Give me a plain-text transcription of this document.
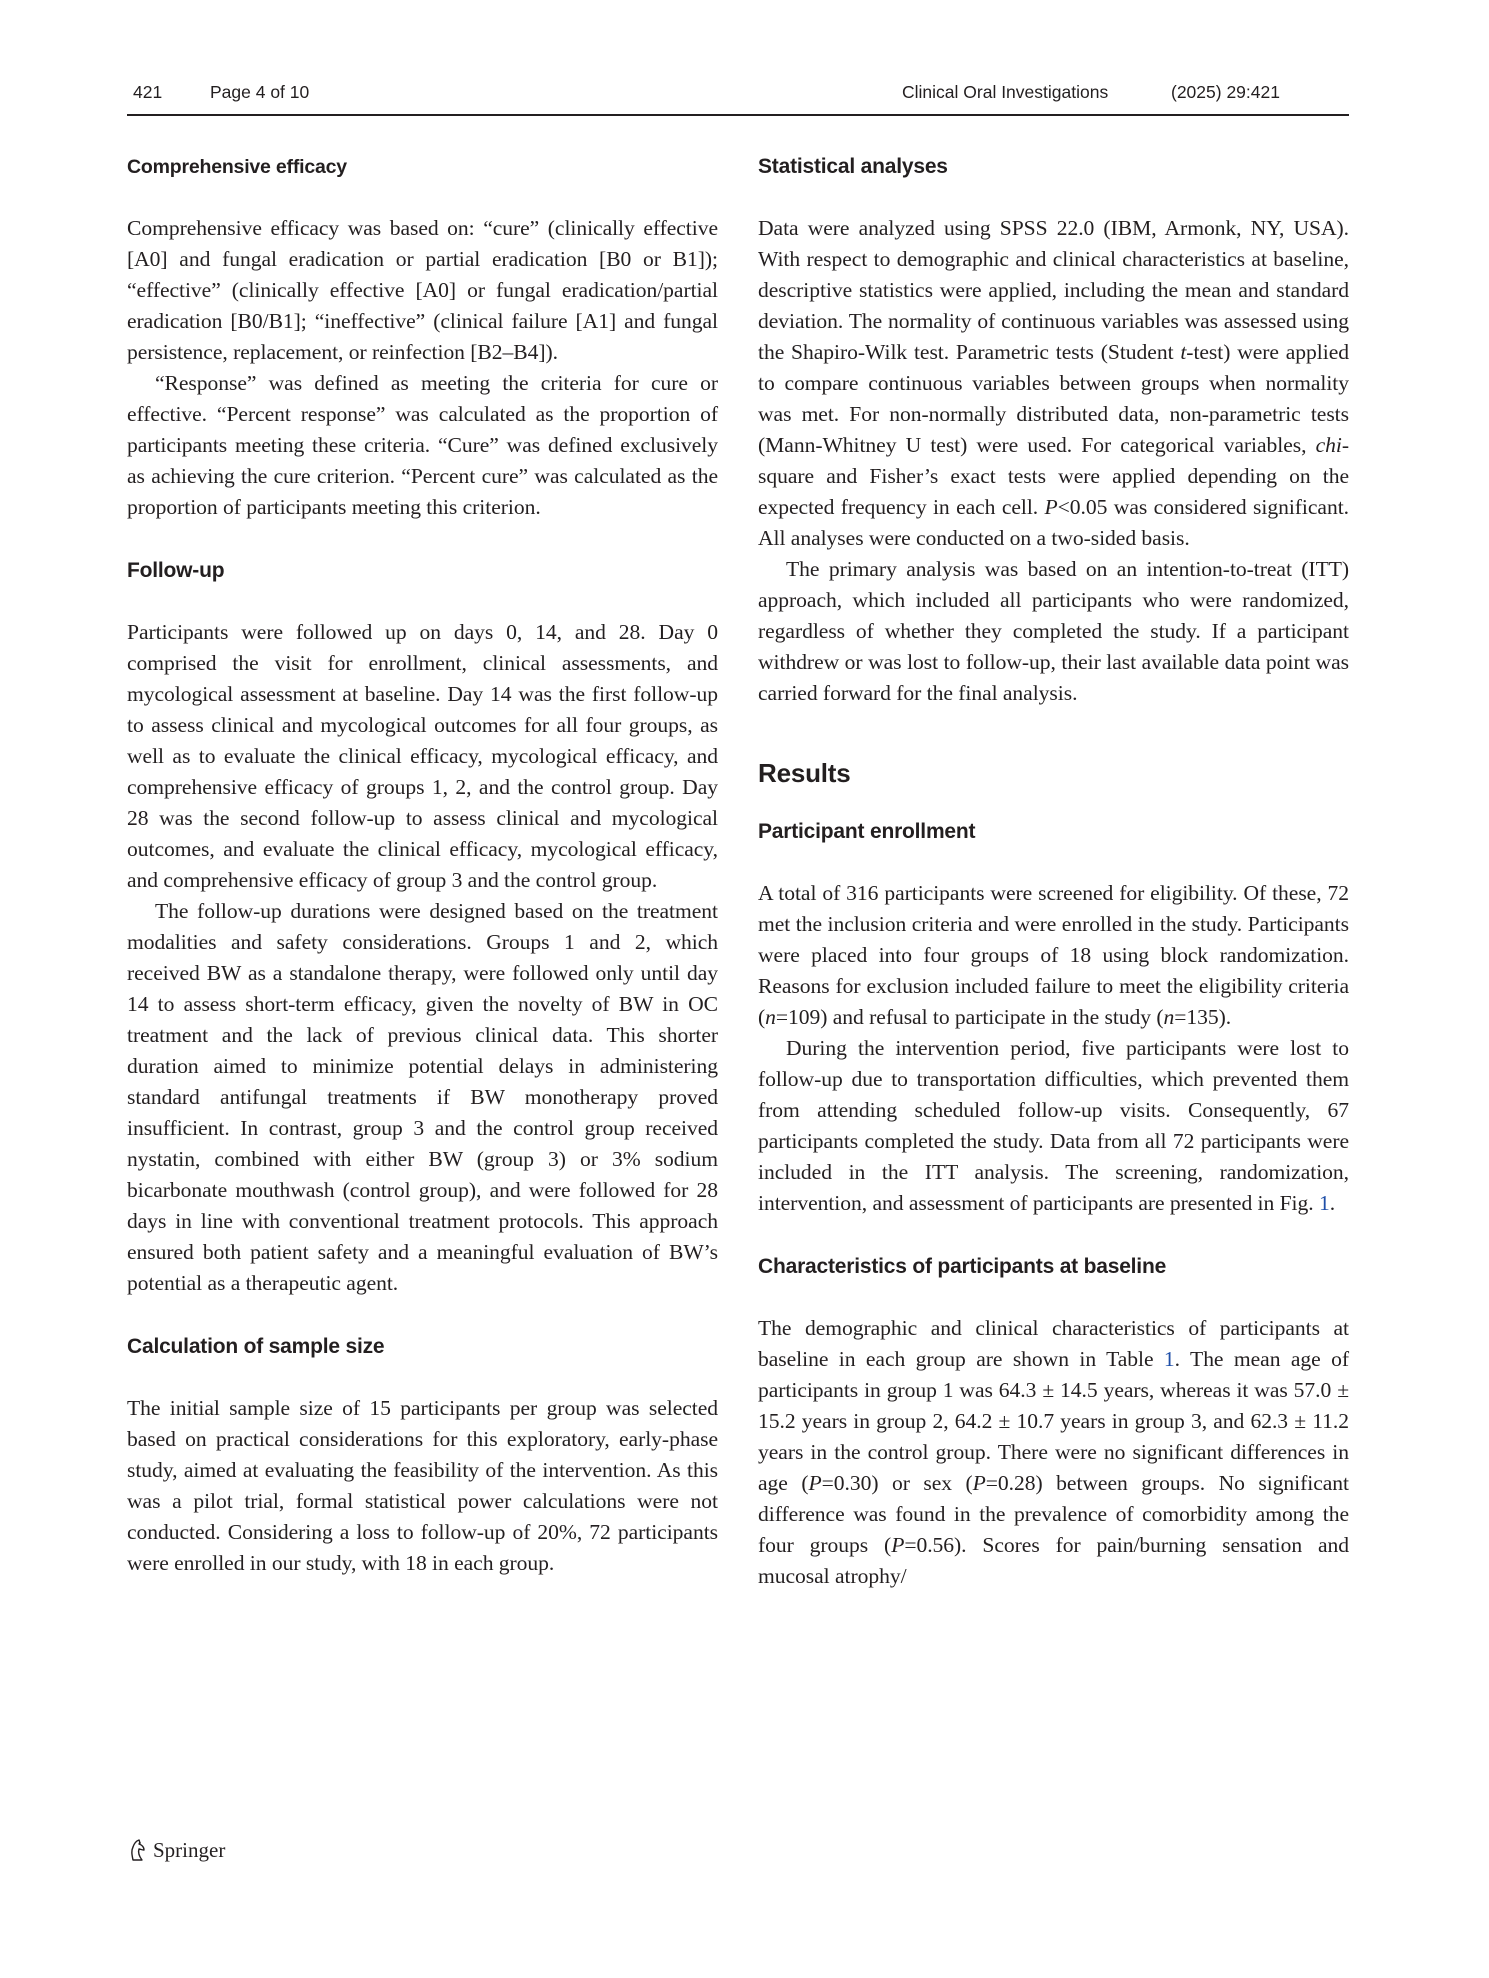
421	Page 4 of 10	Clinical Oral Investigations	(2025) 29:421
Comprehensive efficacy

Comprehensive efficacy was based on: “cure” (clinically effective [A0] and fungal eradication or partial eradication [B0 or B1]); “effective” (clinically effective [A0] or fungal eradication/partial eradication [B0/B1]; “ineffective” (clinical failure [A1] and fungal persistence, replacement, or reinfection [B2–B4]).

“Response” was defined as meeting the criteria for cure or effective. “Percent response” was calculated as the proportion of participants meeting these criteria. “Cure” was defined exclusively as achieving the cure criterion. “Percent cure” was calculated as the proportion of participants meeting this criterion.

Follow-up

Participants were followed up on days 0, 14, and 28. Day 0 comprised the visit for enrollment, clinical assessments, and mycological assessment at baseline. Day 14 was the first follow-up to assess clinical and mycological outcomes for all four groups, as well as to evaluate the clinical efficacy, mycological efficacy, and comprehensive efficacy of groups 1, 2, and the control group. Day 28 was the second follow-up to assess clinical and mycological outcomes, and evaluate the clinical efficacy, mycological efficacy, and comprehensive efficacy of group 3 and the control group.

The follow-up durations were designed based on the treatment modalities and safety considerations. Groups 1 and 2, which received BW as a standalone therapy, were followed only until day 14 to assess short-term efficacy, given the novelty of BW in OC treatment and the lack of previous clinical data. This shorter duration aimed to minimize potential delays in administering standard antifungal treatments if BW monotherapy proved insufficient. In contrast, group 3 and the control group received nystatin, combined with either BW (group 3) or 3% sodium bicarbonate mouthwash (control group), and were followed for 28 days in line with conventional treatment protocols. This approach ensured both patient safety and a meaningful evaluation of BW’s potential as a therapeutic agent.

Calculation of sample size

The initial sample size of 15 participants per group was selected based on practical considerations for this exploratory, early-phase study, aimed at evaluating the feasibility of the intervention. As this was a pilot trial, formal statistical power calculations were not conducted. Considering a loss to follow-up of 20%, 72 participants were enrolled in our study, with 18 in each group.

Statistical analyses

Data were analyzed using SPSS 22.0 (IBM, Armonk, NY, USA). With respect to demographic and clinical characteristics at baseline, descriptive statistics were applied, including the mean and standard deviation. The normality of continuous variables was assessed using the Shapiro-Wilk test. Parametric tests (Student t-test) were applied to compare continuous variables between groups when normality was met. For non-normally distributed data, non-parametric tests (Mann-Whitney U test) were used. For categorical variables, chi-square and Fisher’s exact tests were applied depending on the expected frequency in each cell. P<0.05 was considered significant. All analyses were conducted on a two-sided basis.

The primary analysis was based on an intention-to-treat (ITT) approach, which included all participants who were randomized, regardless of whether they completed the study. If a participant withdrew or was lost to follow-up, their last available data point was carried forward for the final analysis.

Results
Participant enrollment

A total of 316 participants were screened for eligibility. Of these, 72 met the inclusion criteria and were enrolled in the study. Participants were placed into four groups of 18 using block randomization. Reasons for exclusion included failure to meet the eligibility criteria (n=109) and refusal to participate in the study (n=135).

During the intervention period, five participants were lost to follow-up due to transportation difficulties, which prevented them from attending scheduled follow-up visits. Consequently, 67 participants completed the study. Data from all 72 participants were included in the ITT analysis. The screening, randomization, intervention, and assessment of participants are presented in Fig. 1.

Characteristics of participants at baseline

The demographic and clinical characteristics of participants at baseline in each group are shown in Table 1. The mean age of participants in group 1 was 64.3 ± 14.5 years, whereas it was 57.0 ± 15.2 years in group 2, 64.2 ± 10.7 years in group 3, and 62.3 ± 11.2 years in the control group. There were no significant differences in age (P=0.30) or sex (P=0.28) between groups. No significant difference was found in the prevalence of comorbidity among the four groups (P=0.56). Scores for pain/burning sensation and mucosal atrophy/

Springer
